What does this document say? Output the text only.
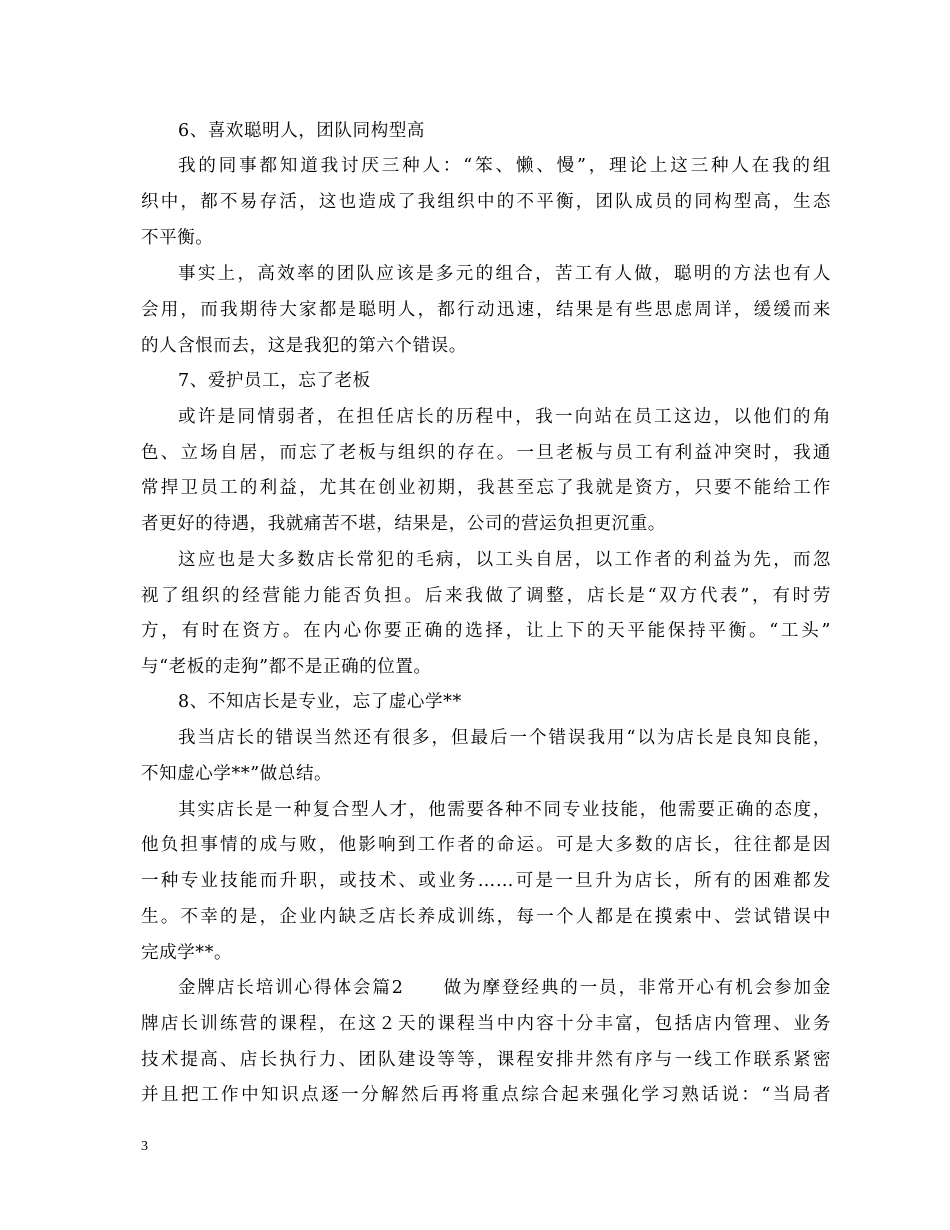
6、喜欢聪明人，团队同构型高
我的同事都知道我讨厌三种人：“笨、懒、慢”，理论上这三种人在我的组
织中，都不易存活，这也造成了我组织中的不平衡，团队成员的同构型高，生态
不平衡。
事实上，高效率的团队应该是多元的组合，苦工有人做，聪明的方法也有人
会用，而我期待大家都是聪明人，都行动迅速，结果是有些思虑周详，缓缓而来
的人含恨而去，这是我犯的第六个错误。
7、爱护员工，忘了老板
或许是同情弱者，在担任店长的历程中，我一向站在员工这边，以他们的角
色、立场自居，而忘了老板与组织的存在。一旦老板与员工有利益冲突时，我通
常捍卫员工的利益，尤其在创业初期，我甚至忘了我就是资方，只要不能给工作
者更好的待遇，我就痛苦不堪，结果是，公司的营运负担更沉重。
这应也是大多数店长常犯的毛病，以工头自居，以工作者的利益为先，而忽
视了组织的经营能力能否负担。后来我做了调整，店长是“双方代表”，有时劳
方，有时在资方。在内心你要正确的选择，让上下的天平能保持平衡。“工头”
与“老板的走狗”都不是正确的位置。
8、不知店长是专业，忘了虚心学**
我当店长的错误当然还有很多，但最后一个错误我用“以为店长是良知良能，
不知虚心学**”做总结。
其实店长是一种复合型人才，他需要各种不同专业技能，他需要正确的态度，
他负担事情的成与败，他影响到工作者的命运。可是大多数的店长，往往都是因
一种专业技能而升职，或技术、或业务……可是一旦升为店长，所有的困难都发
生。不幸的是，企业内缺乏店长养成训练，每一个人都是在摸索中、尝试错误中
完成学**。
金牌店长培训心得体会篇2　　做为摩登经典的一员，非常开心有机会参加金
牌店长训练营的课程，在这２天的课程当中内容十分丰富，包括店内管理、业务
技术提高、店长执行力、团队建设等等，课程安排井然有序与一线工作联系紧密
并且把工作中知识点逐一分解然后再将重点综合起来强化学习熟话说：“当局者
3
